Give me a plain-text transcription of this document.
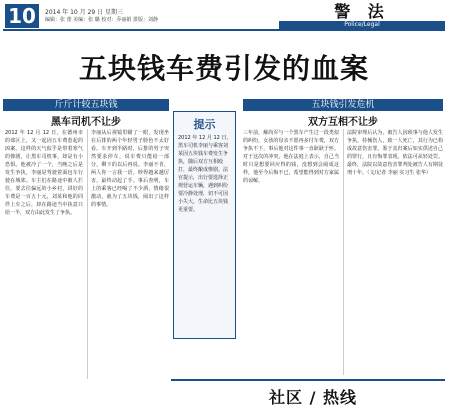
10	2014 年 10 月 29 日 星期三
编辑：张 蕾 美编：张 璐 校对：乔丽娟 排版：刘静	警 法
Police/Legal
五块钱车费引发的血案
斤斤计较五块钱
黑车司机不让步
2012 年 12 月 12 日，在德州市的郊区上，又一起因五车费惹起的凶案。这样的天气似乎是带着寒气的惨剧，让黑车司机事，却是有小恐惧。他被冷了一个，当晚之后是发生争执，李丽是驾驶着面包车行驶在城郊。车主们在路途中被人拦住，要去往偏远的小乡村，讲好的车费是一百五十元，刘某和他的同伴上车之后，却在路途当中执意只给一半，双方由此发生了争执。
李丽从后视镜里瞄了一眼，发现坐在后排的两个年轻男子脸色不太好看。车开到半路时，后排的男子突然要求停车，说车费只能给一部分，剩下的以后再说。李丽不肯，两人你一言我一语，吵得越来越厉害，最终动起了手。事后查明，车上的乘客已经喝了不少酒，情绪很激动，就为了五块钱，闹出了这样的事情。
提示
2012 年 12 月 12 日，黑车司机李丽与乘客刘某因五块钱车费发生争执，随后双方互相殴打，最终酿成惨剧。法官提示，出行要选择正规营运车辆，遇到纠纷要冷静处理，切不可因小失大，生命比五块钱更重要。
五块钱引发危机
双方互相不让步
三年前，解尚军与一个黑车产生过一段类似的纠纷，女孩的母亲不愿再多付车费，双方争执不下，事后他对这件事一直耿耿于怀。对于这次的冲突，他在法庭上表示，自己当时只是想要回应得的钱，没想到会闹成这样，他至今后悔不已，希望能得到对方家属的谅解。
法院审理后认为，被告人因琐事与他人发生争执，持械伤人，致一人死亡，其行为已构成故意伤害罪。鉴于其归案后如实供述自己的罪行，且有悔罪表现，依法可从轻处罚。最终，法院以故意伤害罪判处被告人有期徒刑十年。（文/记者 李丽 实习生 张华）
社区 / 热线
